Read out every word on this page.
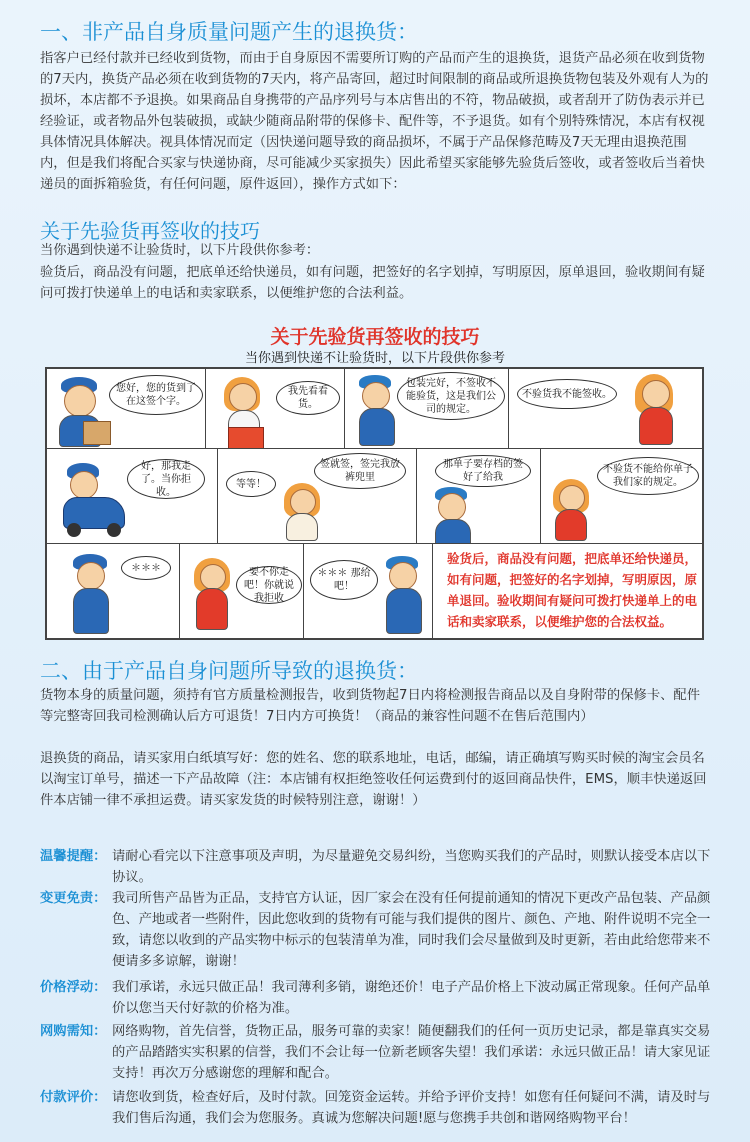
一、非产品自身质量问题产生的退换货：
指客户已经付款并已经收到货物，而由于自身原因不需要所订购的产品而产生的退换货，退货产品必须在收到货物的7天内，换货产品必须在收到货物的7天内，将产品寄回，超过时间限制的商品或所退换货物包装及外观有人为的损坏，本店都不予退换。如果商品自身携带的产品序列号与本店售出的不符，物品破损，或者刮开了防伪表示并已经验证，或者物品外包装破损，或缺少随商品附带的保修卡、配件等，不予退货。如有个别特殊情况，本店有权视具体情况具体解决。视具体情况而定（因快递问题导致的商品损坏，不属于产品保修范畴及7天无理由退换范围内，但是我们将配合买家与快递协商，尽可能减少买家损失）因此希望买家能够先验货后签收，或者签收后当着快递员的面拆箱验货，有任何问题，原件返回），操作方式如下：
关于先验货再签收的技巧
当你遇到快递不让验货时，以下片段供你参考：
验货后，商品没有问题，把底单还给快递员，如有问题，把签好的名字划掉，写明原因，原单退回，验收期间有疑问可拨打快递单上的电话和卖家联系，以便维护您的合法利益。
关于先验货再签收的技巧
当你遇到快递不让验货时，以下片段供你参考
您好，您的货到了在这签个字。
我先看看货。
包装完好，不签收不能验货，这是我们公司的规定。
不验货我不能签收。
好，那我走了。当你拒收。
等等！
签就签，签完我放裤兜里
那单子要存档的签好了给我
不验货不能给你单子我们家的规定。
＊＊＊	要不你走吧！你就说我拒收
＊＊＊ 那给吧！
验货后，商品没有问题，把底单还给快递员，如有问题，把签好的名字划掉，写明原因，原单退回。验收期间有疑问可拨打快递单上的电话和卖家联系，以便维护您的合法权益。
二、由于产品自身问题所导致的退换货：
货物本身的质量问题，须持有官方质量检测报告，收到货物起7日内将检测报告商品以及自身附带的保修卡、配件等完整寄回我司检测确认后方可退货！7日内方可换货！（商品的兼容性问题不在售后范围内）
退换货的商品，请买家用白纸填写好：您的姓名、您的联系地址，电话，邮编，请正确填写购买时候的淘宝会员名以淘宝订单号，描述一下产品故障（注：本店铺有权拒绝签收任何运费到付的返回商品快件，EMS，顺丰快递返回件本店铺一律不承担运费。请买家发货的时候特别注意，谢谢！）
温馨提醒： 请耐心看完以下注意事项及声明，为尽量避免交易纠纷，当您购买我们的产品时，则默认接受本店以下协议。
变更免责： 我司所售产品皆为正品，支持官方认证，因厂家会在没有任何提前通知的情况下更改产品包装、产品颜色、产地或者一些附件，因此您收到的货物有可能与我们提供的图片、颜色、产地、附件说明不完全一致，请您以收到的产品实物中标示的包装清单为准，同时我们会尽量做到及时更新，若由此给您带来不便请多多谅解，谢谢！
价格浮动： 我们承诺，永远只做正品！我司薄利多销，谢绝还价！电子产品价格上下波动属正常现象。任何产品单价以您当天付好款的价格为准。
网购需知： 网络购物，首先信誉，货物正品，服务可靠的卖家！随便翻我们的任何一页历史记录，都是靠真实交易的产品踏踏实实积累的信誉，我们不会让每一位新老顾客失望！我们承诺：永远只做正品！请大家见证支持！再次万分感谢您的理解和配合。
付款评价： 请您收到货，检查好后，及时付款。回笼资金运转。并给予评价支持！如您有任何疑问不满，请及时与我们售后沟通，我们会为您服务。真诚为您解决问题!愿与您携手共创和谐网络购物平台！
